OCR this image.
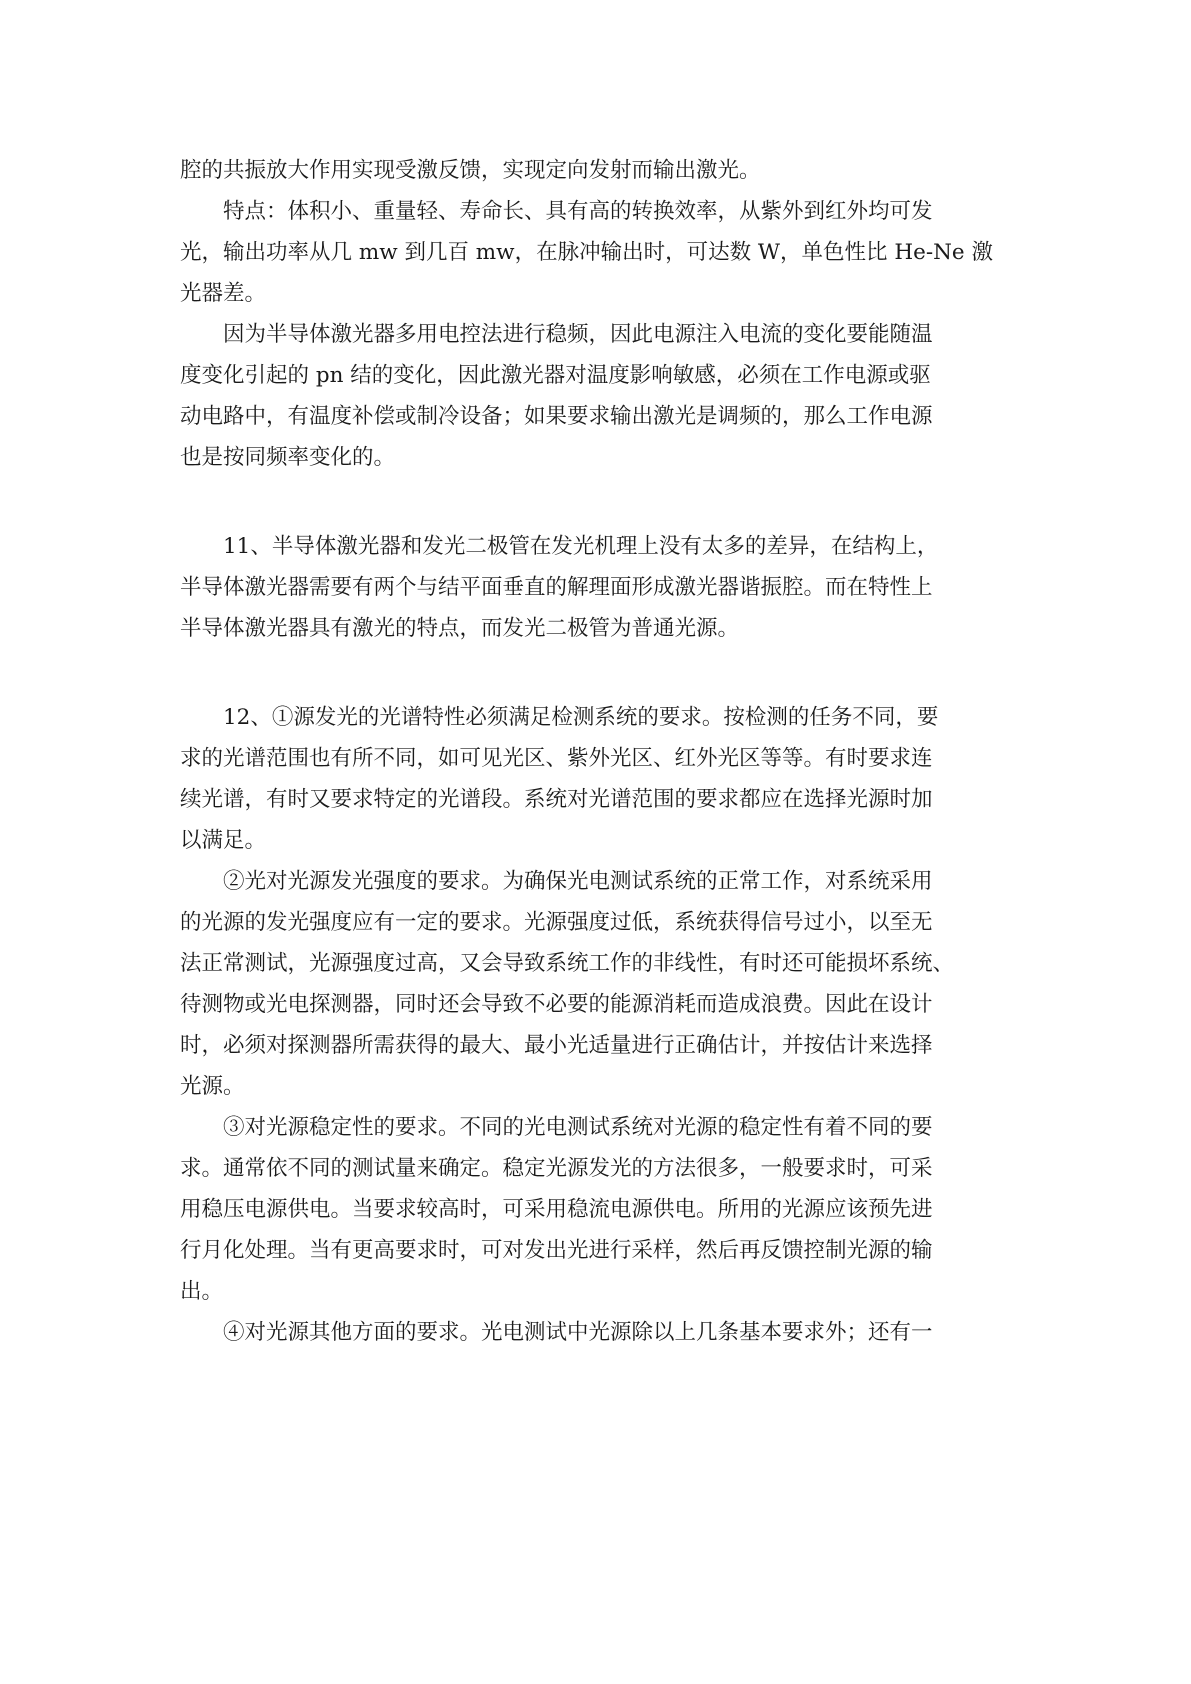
腔的共振放大作用实现受激反馈，实现定向发射而输出激光。
特点：体积小、重量轻、寿命长、具有高的转换效率，从紫外到红外均可发
光，输出功率从几 mw 到几百 mw，在脉冲输出时，可达数 W，单色性比 He-Ne 激
光器差。
因为半导体激光器多用电控法进行稳频，因此电源注入电流的变化要能随温
度变化引起的 pn 结的变化，因此激光器对温度影响敏感，必须在工作电源或驱
动电路中，有温度补偿或制冷设备；如果要求输出激光是调频的，那么工作电源
也是按同频率变化的。
11、半导体激光器和发光二极管在发光机理上没有太多的差异，在结构上，
半导体激光器需要有两个与结平面垂直的解理面形成激光器谐振腔。而在特性上
半导体激光器具有激光的特点，而发光二极管为普通光源。
12、①源发光的光谱特性必须满足检测系统的要求。按检测的任务不同，要
求的光谱范围也有所不同，如可见光区、紫外光区、红外光区等等。有时要求连
续光谱，有时又要求特定的光谱段。系统对光谱范围的要求都应在选择光源时加
以满足。
②光对光源发光强度的要求。为确保光电测试系统的正常工作，对系统采用
的光源的发光强度应有一定的要求。光源强度过低，系统获得信号过小，以至无
法正常测试，光源强度过高，又会导致系统工作的非线性，有时还可能损坏系统、
待测物或光电探测器，同时还会导致不必要的能源消耗而造成浪费。因此在设计
时，必须对探测器所需获得的最大、最小光适量进行正确估计，并按估计来选择
光源。
③对光源稳定性的要求。不同的光电测试系统对光源的稳定性有着不同的要
求。通常依不同的测试量来确定。稳定光源发光的方法很多，一般要求时，可采
用稳压电源供电。当要求较高时，可采用稳流电源供电。所用的光源应该预先进
行月化处理。当有更高要求时，可对发出光进行采样，然后再反馈控制光源的输
出。
④对光源其他方面的要求。光电测试中光源除以上几条基本要求外；还有一
